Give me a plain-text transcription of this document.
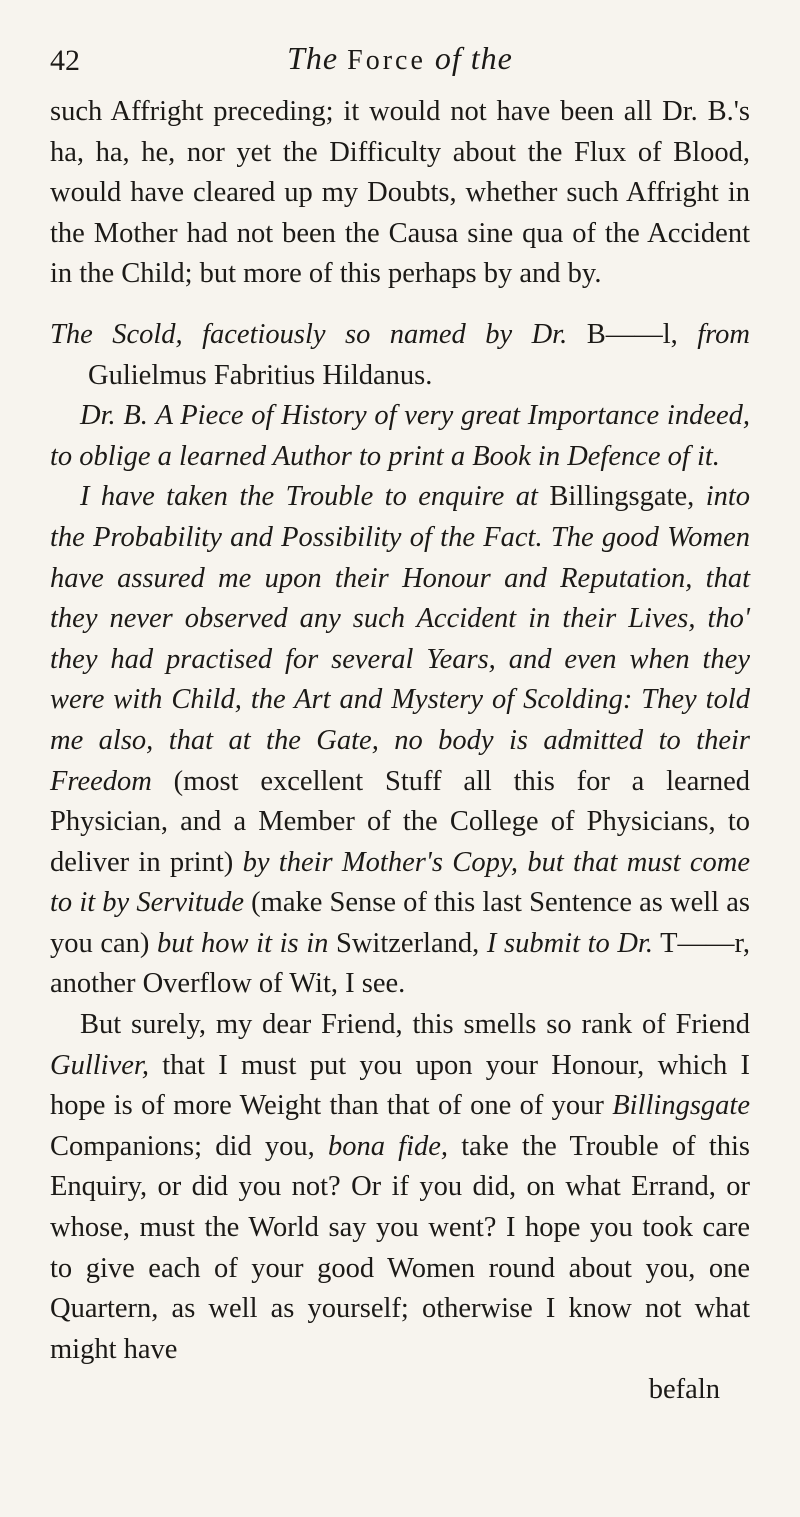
42	The Force of the

such Affright preceding; it would not have been all Dr. B.'s ha, ha, he, nor yet the Difficulty about the Flux of Blood, would have cleared up my Doubts, whether such Affright in the Mother had not been the Causa sine qua of the Accident in the Child; but more of this perhaps by and by.

The Scold, facetiously so named by Dr. B——l, from Gulielmus Fabritius Hildanus.

Dr. B. A Piece of History of very great Importance indeed, to oblige a learned Author to print a Book in Defence of it.

I have taken the Trouble to enquire at Billingsgate, into the Probability and Possibility of the Fact. The good Women have assured me upon their Honour and Reputation, that they never observed any such Accident in their Lives, tho' they had practised for several Years, and even when they were with Child, the Art and Mystery of Scolding: They told me also, that at the Gate, no body is admitted to their Freedom (most excellent Stuff all this for a learned Physician, and a Member of the College of Physicians, to deliver in print) by their Mother's Copy, but that must come to it by Servitude (make Sense of this last Sentence as well as you can) but how it is in Switzerland, I submit to Dr. T——r, another Overflow of Wit, I see.

But surely, my dear Friend, this smells so rank of Friend Gulliver, that I must put you upon your Honour, which I hope is of more Weight than that of one of your Billingsgate Companions; did you, bona fide, take the Trouble of this Enquiry, or did you not? Or if you did, on what Errand, or whose, must the World say you went? I hope you took care to give each of your good Women round about you, one Quartern, as well as yourself; otherwise I know not what might have

befaln
